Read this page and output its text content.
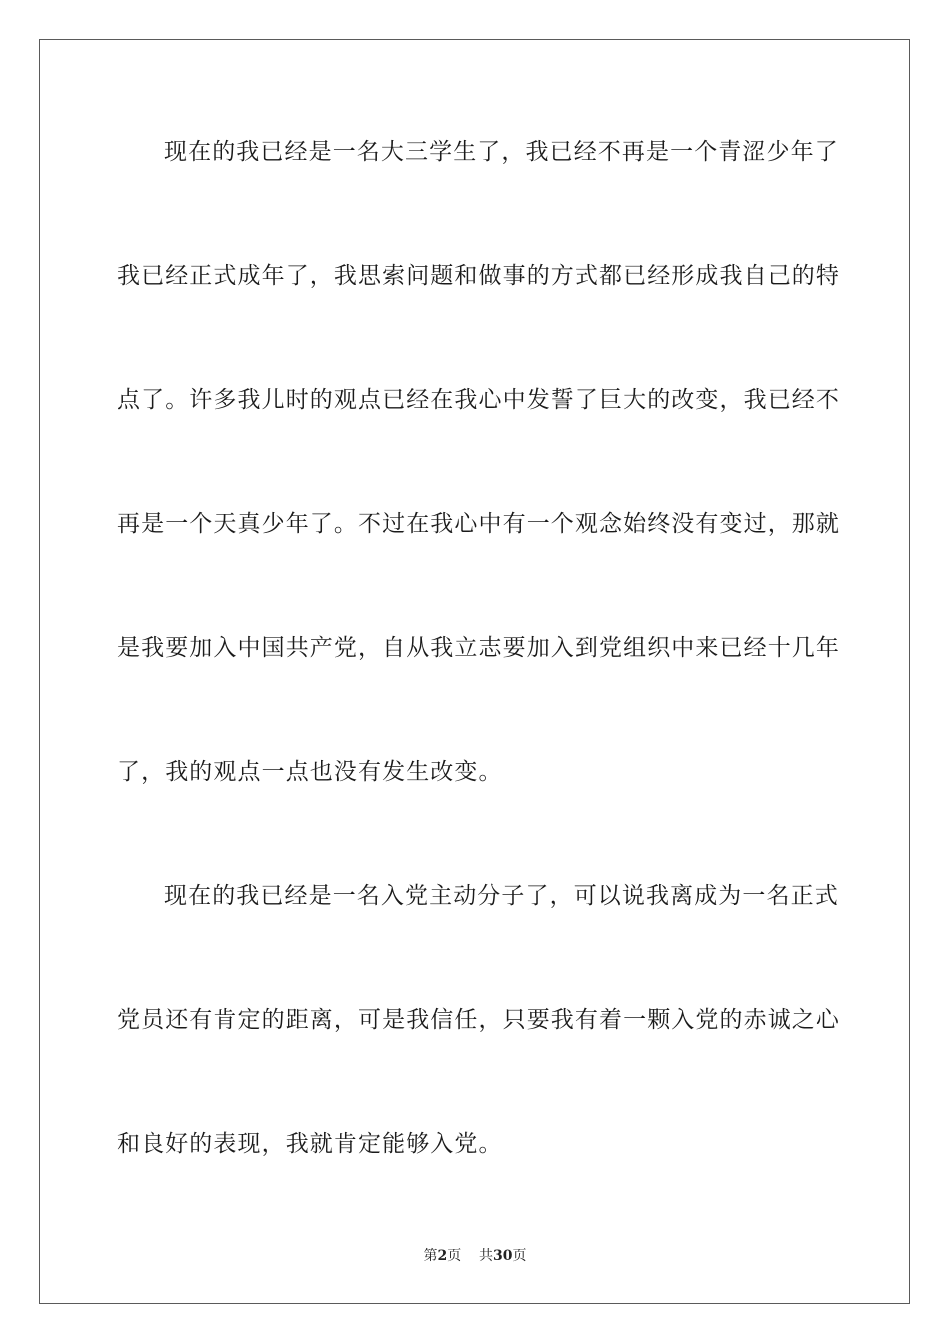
现在的我已经是一名大三学生了，我已经不再是一个青涩少年了
我已经正式成年了，我思索问题和做事的方式都已经形成我自己的特
点了。许多我儿时的观点已经在我心中发誓了巨大的改变，我已经不
再是一个天真少年了。不过在我心中有一个观念始终没有变过，那就
是我要加入中国共产党，自从我立志要加入到党组织中来已经十几年
了，我的观点一点也没有发生改变。
现在的我已经是一名入党主动分子了，可以说我离成为一名正式
党员还有肯定的距离，可是我信任，只要我有着一颗入党的赤诚之心
和良好的表现，我就肯定能够入党。
第2页 共30页
